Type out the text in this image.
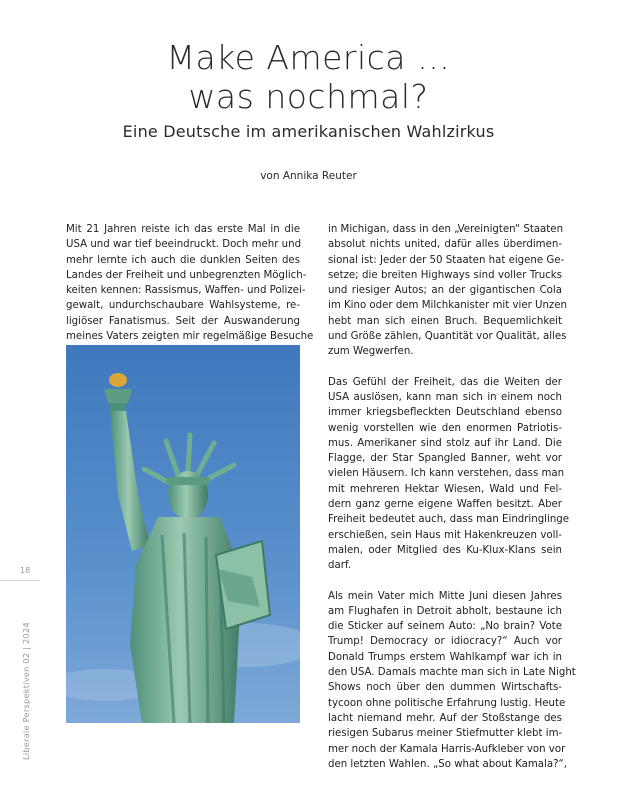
Make America …
was nochmal?
Eine Deutsche im amerikanischen Wahlzirkus
von Annika Reuter
Mit 21 Jahren reiste ich das erste Mal in die
USA und war tief beeindruckt. Doch mehr und
mehr lernte ich auch die dunklen Seiten des
Landes der Freiheit und unbegrenzten Möglich-
keiten kennen: Rassismus, Waffen- und Polizei-
gewalt, undurchschaubare Wahlsysteme, re-
ligiöser Fanatismus. Seit der Auswanderung
meines Vaters zeigten mir regelmäßige Besuche
in Michigan, dass in den „Vereinigten“ Staaten
absolut nichts united, dafür alles überdimen-
sional ist: Jeder der 50 Staaten hat eigene Ge-
setze; die breiten Highways sind voller Trucks
und riesiger Autos; an der gigantischen Cola
im Kino oder dem Milchkanister mit vier Unzen
hebt man sich einen Bruch. Bequemlichkeit
und Größe zählen, Quantität vor Qualität, alles
zum Wegwerfen.
Das Gefühl der Freiheit, das die Weiten der
USA auslösen, kann man sich in einem noch
immer kriegsbefleckten Deutschland ebenso
wenig vorstellen wie den enormen Patriotis-
mus. Amerikaner sind stolz auf ihr Land. Die
Flagge, der Star Spangled Banner, weht vor
vielen Häusern. Ich kann verstehen, dass man
mit mehreren Hektar Wiesen, Wald und Fel-
dern ganz gerne eigene Waffen besitzt. Aber
Freiheit bedeutet auch, dass man Eindringlinge
erschießen, sein Haus mit Hakenkreuzen voll-
malen, oder Mitglied des Ku-Klux-Klans sein
darf.
Als mein Vater mich Mitte Juni diesen Jahres
am Flughafen in Detroit abholt, bestaune ich
die Sticker auf seinem Auto: „No brain? Vote
Trump! Democracy or idiocracy?“ Auch vor
Donald Trumps erstem Wahlkampf war ich in
den USA. Damals machte man sich in Late Night
Shows noch über den dummen Wirtschafts-
tycoon ohne politische Erfahrung lustig. Heute
lacht niemand mehr. Auf der Stoßstange des
riesigen Subarus meiner Stiefmutter klebt im-
mer noch der Kamala Harris-Aufkleber von vor
den letzten Wahlen. „So what about Kamala?“,
18
Liberale Perspektiven 02 | 2024
